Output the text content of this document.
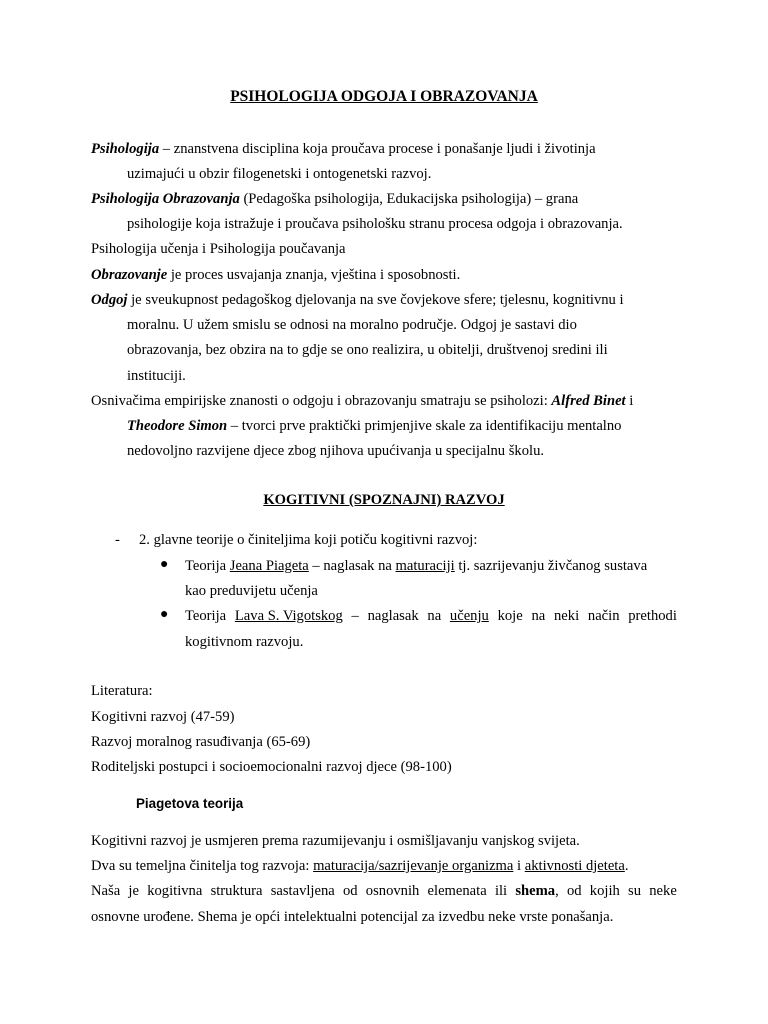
PSIHOLOGIJA ODGOJA I OBRAZOVANJA
Psihologija – znanstvena disciplina koja proučava procese i ponašanje ljudi i životinja
uzimajući u obzir filogenetski i ontogenetski razvoj.
Psihologija Obrazovanja (Pedagoška psihologija, Edukacijska psihologija) – grana
psihologije koja istražuje i proučava psihološku stranu procesa odgoja i obrazovanja.
Psihologija učenja i Psihologija poučavanja
Obrazovanje je proces usvajanja znanja, vještina i sposobnosti.
Odgoj je sveukupnost pedagoškog djelovanja na sve čovjekove sfere; tjelesnu, kognitivnu i
moralnu. U užem smislu se odnosi na moralno područje. Odgoj je sastavi dio
obrazovanja, bez obzira na to gdje se ono realizira, u obitelji, društvenoj sredini ili
instituciji.
Osnivačima empirijske znanosti o odgoju i obrazovanju smatraju se psiholozi: Alfred Binet i
Theodore Simon – tvorci prve praktički primjenjive skale za identifikaciju mentalno
nedovoljno razvijene djece zbog njihova upućivanja u specijalnu školu.
KOGITIVNI (SPOZNAJNI) RAZVOJ
- 2. glavne teorije o činiteljima koji potiču kogitivni razvoj:
● Teorija Jeana Piageta – naglasak na maturaciji tj. sazrijevanju živčanog sustava
kao preduvijetu učenja
● Teorija Lava S. Vigotskog – naglasak na učenju koje na neki način prethodi
kogitivnom razvoju.
Literatura:
Kogitivni razvoj (47-59)
Razvoj moralnog rasuđivanja (65-69)
Roditeljski postupci i socioemocionalni razvoj djece (98-100)
Piagetova teorija
Kogitivni razvoj je usmjeren prema razumijevanju i osmišljavanju vanjskog svijeta.
Dva su temeljna činitelja tog razvoja: maturacija/sazrijevanje organizma i aktivnosti djeteta.
Naša je kogitivna struktura sastavljena od osnovnih elemenata ili shema, od kojih su neke
osnovne urođene. Shema je opći intelektualni potencijal za izvedbu neke vrste ponašanja.
